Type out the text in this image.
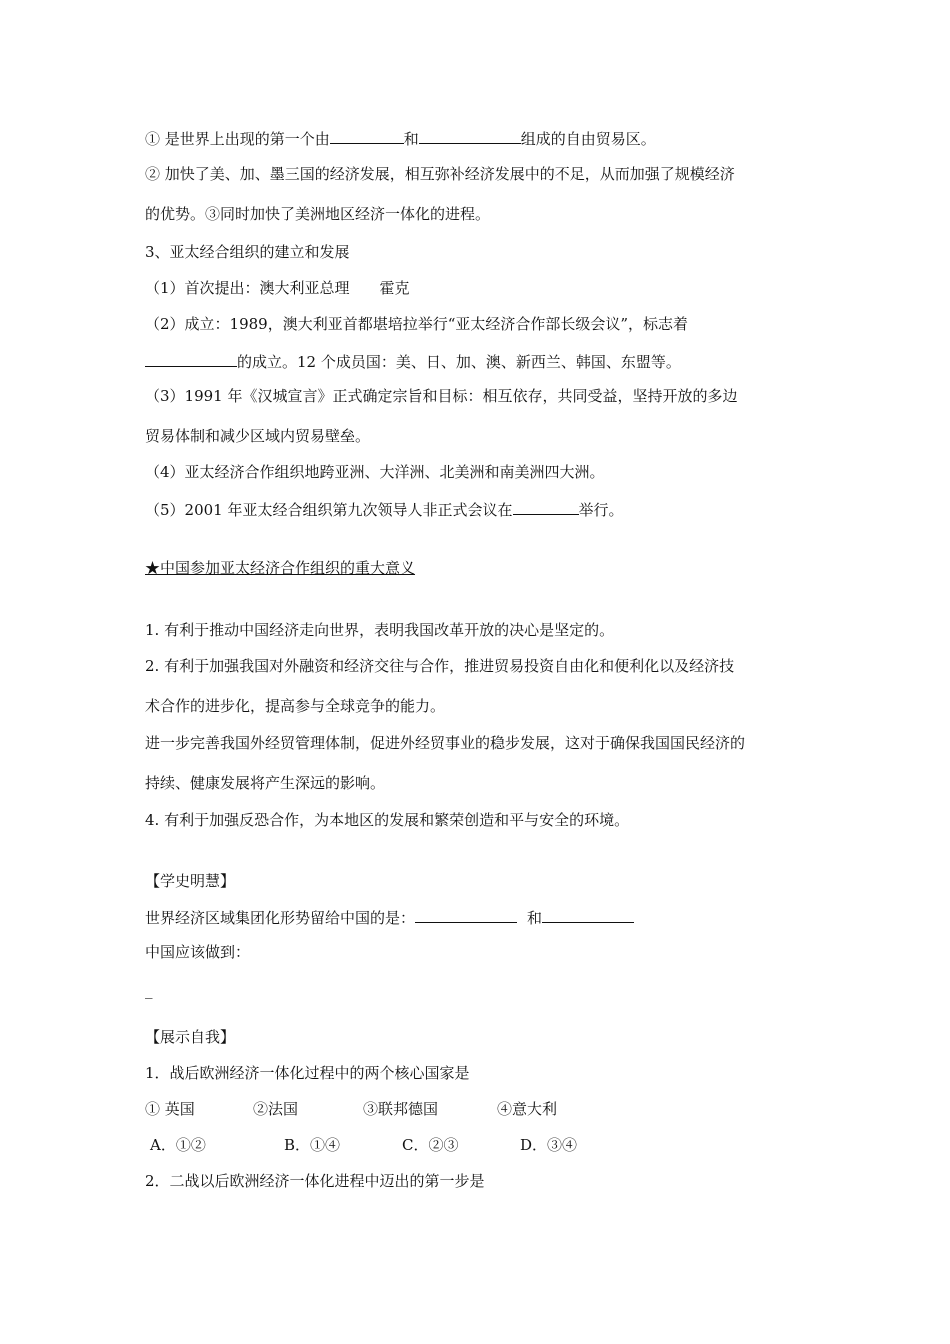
① 是世界上出现的第一个由	和	组成的自由贸易区。
② 加快了美、加、墨三国的经济发展，相互弥补经济发展中的不足，从而加强了规模经济
的优势。③同时加快了美洲地区经济一体化的进程。
3、亚太经合组织的建立和发展
（1）首次提出：澳大利亚总理　　霍克
（2）成立：1989，澳大利亚首都堪培拉举行“亚太经济合作部长级会议”，标志着
的成立。12 个成员国：美、日、加、澳、新西兰、韩国、东盟等。
（3）1991 年《汉城宣言》正式确定宗旨和目标：相互依存，共同受益，坚持开放的多边
贸易体制和减少区域内贸易壁垒。
（4）亚太经济合作组织地跨亚洲、大洋洲、北美洲和南美洲四大洲。
（5）2001 年亚太经合组织第九次领导人非正式会议在	举行。
★中国参加亚太经济合作组织的重大意义
1. 有利于推动中国经济走向世界，表明我国改革开放的决心是坚定的。
2. 有利于加强我国对外融资和经济交往与合作，推进贸易投资自由化和便利化以及经济技
术合作的进步化，提高参与全球竞争的能力。
进一步完善我国外经贸管理体制，促进外经贸事业的稳步发展，这对于确保我国国民经济的
持续、健康发展将产生深远的影响。
4. 有利于加强反恐合作，为本地区的发展和繁荣创造和平与安全的环境。
【学史明慧】
世界经济区域集团化形势留给中国的是：	和
中国应该做到：
_
【展示自我】
1．战后欧洲经济一体化过程中的两个核心国家是
① 英国	②法国	③联邦德国	④意大利
A．①②	B．①④	C．②③	D．③④
2．二战以后欧洲经济一体化进程中迈出的第一步是
